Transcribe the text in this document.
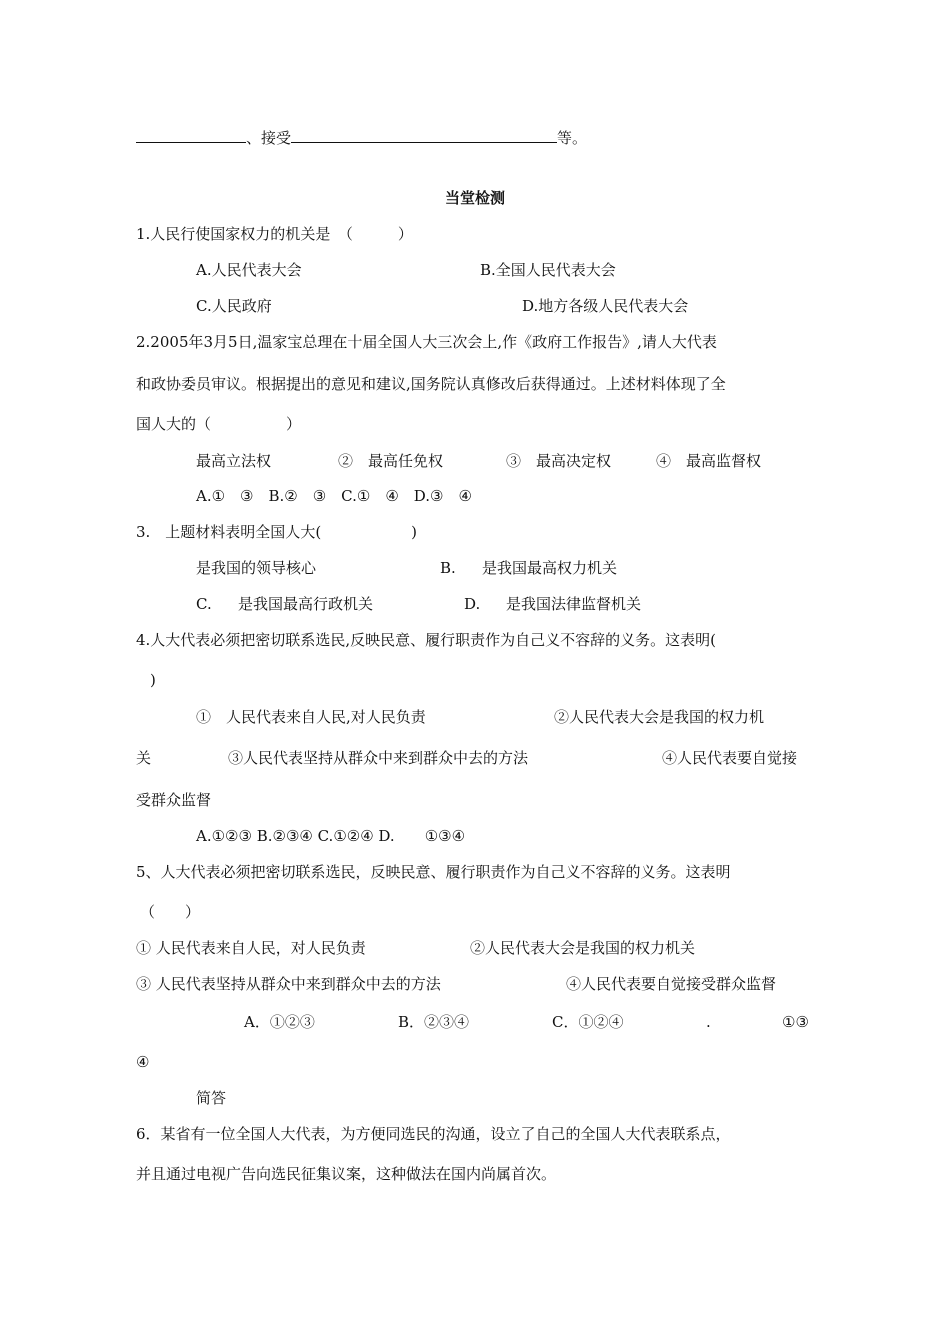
、接受	等。
当堂检测
1.人民行使国家权力的机关是　（　　　）
A.人民代表大会	B.全国人民代表大会
C.人民政府	D.地方各级人民代表大会
2.2005年3月5日,温家宝总理在十届全国人大三次会上,作《政府工作报告》,请人大代表
和政协委员审议。根据提出的意见和建议,国务院认真修改后获得通过。上述材料体现了全
国人大的（　　　　　）
最高立法权	②　最高任免权	③　最高决定权	④　最高监督权
A.①　③　B.②　③　C.①　④　D.③　④
3.　上题材料表明全国人大(　　　　　　)
是我国的领导核心	B. 是我国最高权力机关
C. 是我国最高行政机关	D. 是我国法律监督机关
4.人大代表必须把密切联系选民,反映民意、履行职责作为自己义不容辞的义务。这表明(
)
①　人民代表来自人民,对人民负责	②人民代表大会是我国的权力机
关	③人民代表坚持从群众中来到群众中去的方法	④人民代表要自觉接
受群众监督
A.①②③ B.②③④ C.①②④ D.　　①③④
5、人大代表必须把密切联系选民，反映民意、履行职责作为自己义不容辞的义务。这表明
（　　）
① 人民代表来自人民，对人民负责	②人民代表大会是我国的权力机关
③ 人民代表坚持从群众中来到群众中去的方法	④人民代表要自觉接受群众监督
A．①②③	B．②③④	C．①②④	.	①③
④
简答
6．某省有一位全国人大代表，为方便同选民的沟通，设立了自己的全国人大代表联系点，
并且通过电视广告向选民征集议案，这种做法在国内尚属首次。
